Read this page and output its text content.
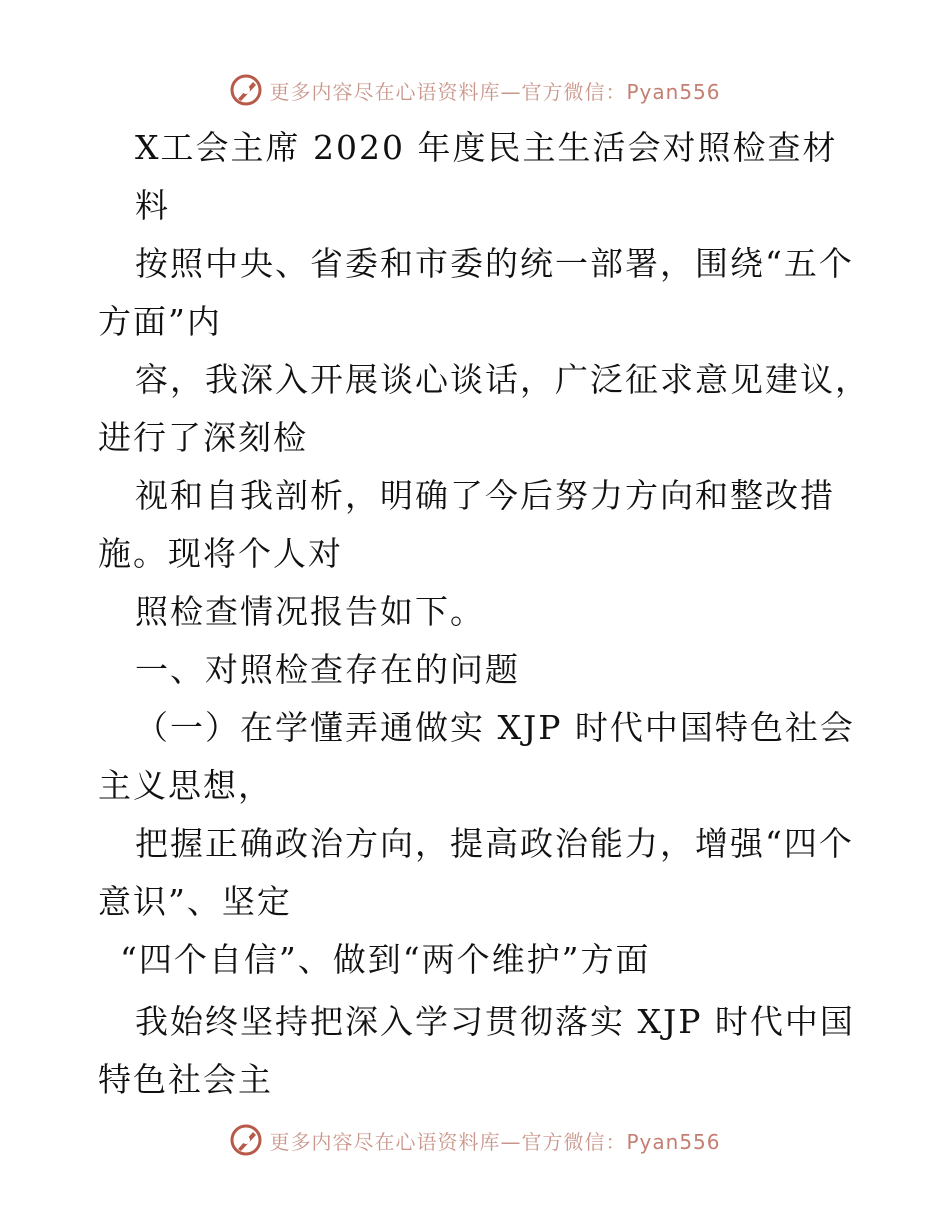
更多内容尽在心语资料库—官方微信：Pyan556
X工会主席 2020 年度民主生活会对照检查材
料
按照中央、省委和市委的统一部署，围绕“五个
方面”内
容，我深入开展谈心谈话，广泛征求意见建议，
进行了深刻检
视和自我剖析，明确了今后努力方向和整改措
施。现将个人对
照检查情况报告如下。
一、对照检查存在的问题
（一）在学懂弄通做实 XJP 时代中国特色社会
主义思想，
把握正确政治方向，提高政治能力，增强“四个
意识”、坚定
“四个自信”、做到“两个维护”方面
我始终坚持把深入学习贯彻落实 XJP 时代中国
特色社会主
更多内容尽在心语资料库—官方微信：Pyan556
